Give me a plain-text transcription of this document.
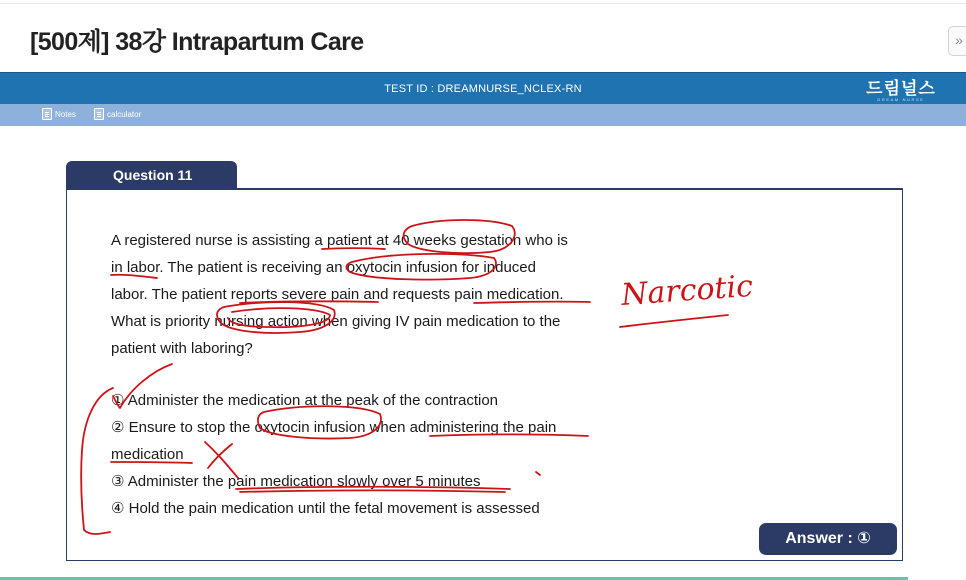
[500제] 38강 Intrapartum Care	»
TEST ID : DREAMNURSE_NCLEX-RN	드림널스
DREAM NURSE
Notes	calculator
Question 11
A registered nurse is assisting a patient at 40 weeks gestation who is
in labor. The patient is receiving an oxytocin infusion for induced
labor. The patient reports severe pain and requests pain medication.
What is priority nursing action when giving IV pain medication to the
patient with laboring?
① Administer the medication at the peak of the contraction
② Ensure to stop the oxytocin infusion when administering the pain
medication
③ Administer the pain medication slowly over 5 minutes
④ Hold the pain medication until the fetal movement is assessed
Answer : ①
Narcotic
